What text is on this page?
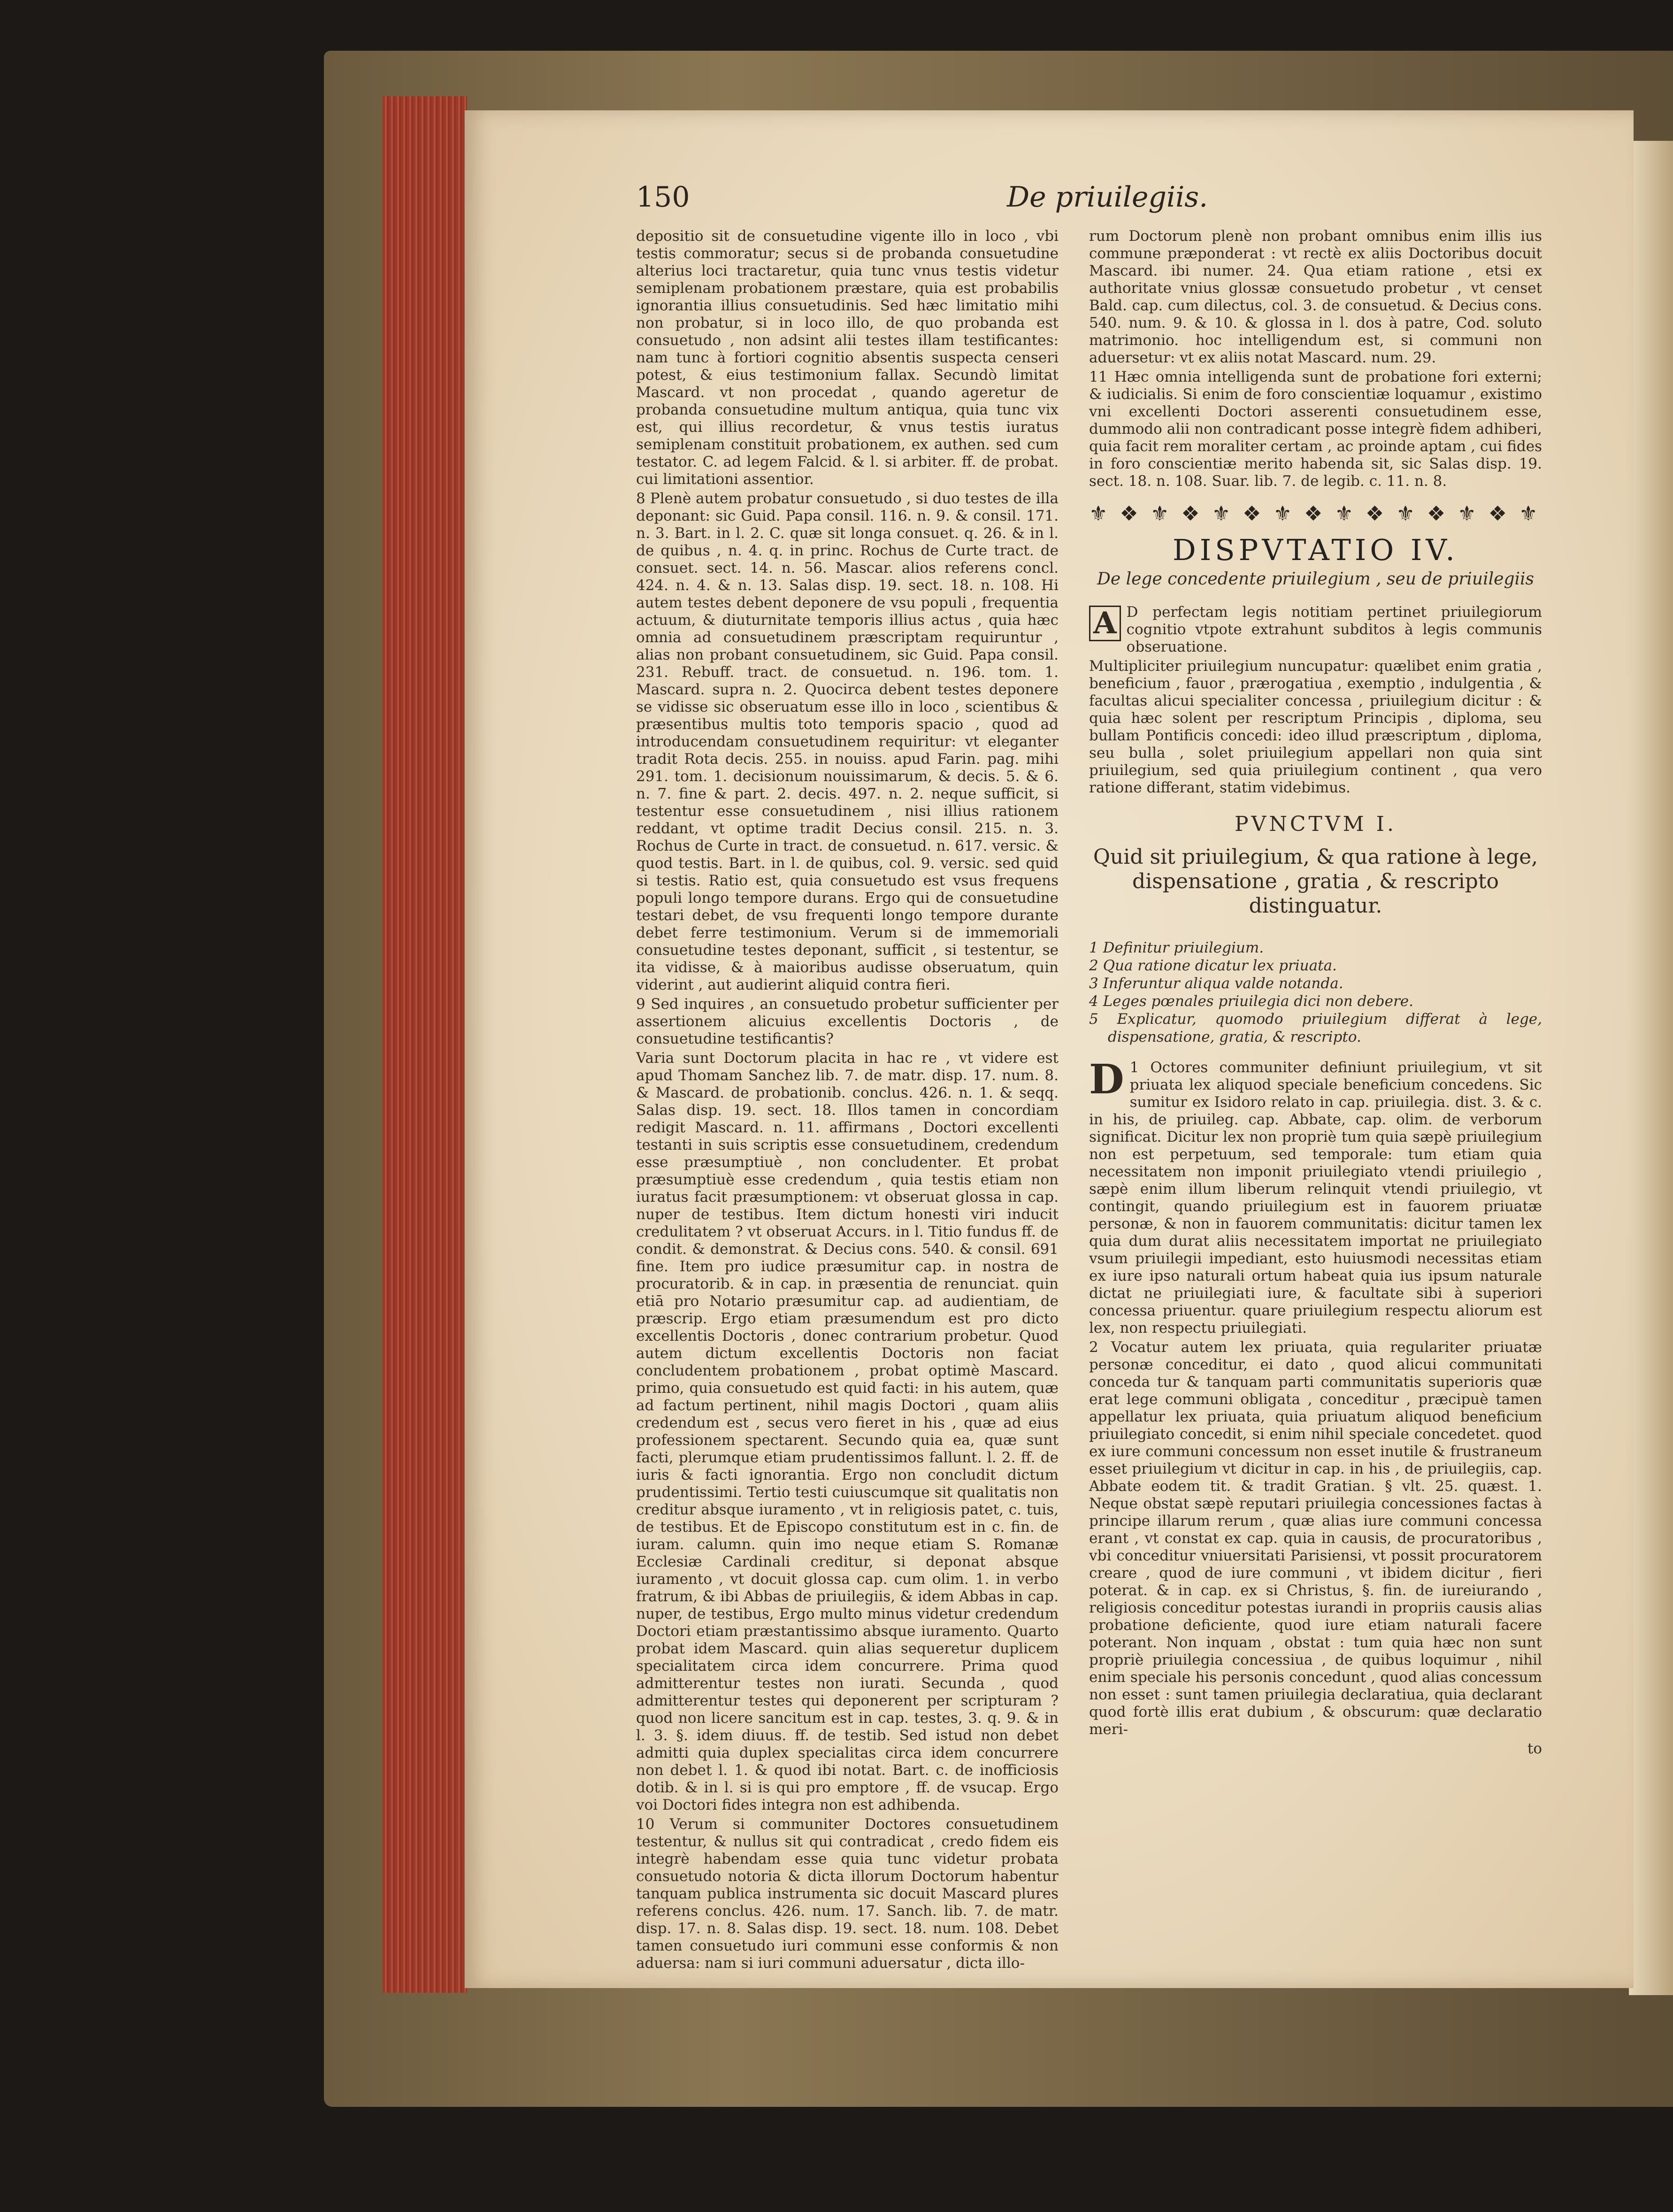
150	De priuilegiis.

depositio sit de consuetudine vigente illo in loco , vbi testis commoratur; secus si de probanda consuetudine alterius loci tractaretur, quia tunc vnus testis videtur semiplenam probationem præstare, quia est probabilis ignorantia illius consuetudinis. Sed hæc limitatio mihi non probatur, si in loco illo, de quo probanda est consuetudo , non adsint alii testes illam testificantes: nam tunc à fortiori cognitio absentis suspecta censeri potest, & eius testimonium fallax. Secundò limitat Mascard. vt non procedat , quando ageretur de probanda consuetudine multum antiqua, quia tunc vix est, qui illius recordetur, & vnus testis iuratus semiplenam constituit probationem, ex authen. sed cum testator. C. ad legem Falcid. & l. si arbiter. ff. de probat. cui limitationi assentior.

8 Plenè autem probatur consuetudo , si duo testes de illa deponant: sic Guid. Papa consil. 116. n. 9. & consil. 171. n. 3. Bart. in l. 2. C. quæ sit longa consuet. q. 26. & in l. de quibus , n. 4. q. in princ. Rochus de Curte tract. de consuet. sect. 14. n. 56. Mascar. alios referens concl. 424. n. 4. & n. 13. Salas disp. 19. sect. 18. n. 108. Hi autem testes debent deponere de vsu populi , frequentia actuum, & diuturnitate temporis illius actus , quia hæc omnia ad consuetudinem præscriptam requiruntur , alias non probant consuetudinem, sic Guid. Papa consil. 231. Rebuff. tract. de consuetud. n. 196. tom. 1. Mascard. supra n. 2. Quocirca debent testes deponere se vidisse sic obseruatum esse illo in loco , scientibus & præsentibus multis toto temporis spacio , quod ad introducendam consuetudinem requiritur: vt eleganter tradit Rota decis. 255. in nouiss. apud Farin. pag. mihi 291. tom. 1. decisionum nouissimarum, & decis. 5. & 6. n. 7. fine & part. 2. decis. 497. n. 2. neque sufficit, si testentur esse consuetudinem , nisi illius rationem reddant, vt optime tradit Decius consil. 215. n. 3. Rochus de Curte in tract. de consuetud. n. 617. versic. & quod testis. Bart. in l. de quibus, col. 9. versic. sed quid si testis. Ratio est, quia consuetudo est vsus frequens populi longo tempore durans. Ergo qui de consuetudine testari debet, de vsu frequenti longo tempore durante debet ferre testimonium. Verum si de immemoriali consuetudine testes deponant, sufficit , si testentur, se ita vidisse, & à maioribus audisse obseruatum, quin viderint , aut audierint aliquid contra fieri.

9 Sed inquires , an consuetudo probetur sufficienter per assertionem alicuius excellentis Doctoris , de consuetudine testificantis?

Varia sunt Doctorum placita in hac re , vt videre est apud Thomam Sanchez lib. 7. de matr. disp. 17. num. 8. & Mascard. de probationib. conclus. 426. n. 1. & seqq. Salas disp. 19. sect. 18. Illos tamen in concordiam redigit Mascard. n. 11. affirmans , Doctori excellenti testanti in suis scriptis esse consuetudinem, credendum esse præsumptiuè , non concludenter. Et probat præsumptiuè esse credendum , quia testis etiam non iuratus facit præsumptionem: vt obseruat glossa in cap. nuper de testibus. Item dictum honesti viri inducit credulitatem ? vt obseruat Accurs. in l. Titio fundus ff. de condit. & demonstrat. & Decius cons. 540. & consil. 691 fine. Item pro iudice præsumitur cap. in nostra de procuratorib. & in cap. in præsentia de renunciat. quin etiā pro Notario præsumitur cap. ad audientiam, de præscrip. Ergo etiam præsumendum est pro dicto excellentis Doctoris , donec contrarium probetur. Quod autem dictum excellentis Doctoris non faciat concludentem probationem , probat optimè Mascard. primo, quia consuetudo est quid facti: in his autem, quæ ad factum pertinent, nihil magis Doctori , quam aliis credendum est , secus vero fieret in his , quæ ad eius professionem spectarent. Secundo quia ea, quæ sunt facti, plerumque etiam prudentissimos fallunt. l. 2. ff. de iuris & facti ignorantia. Ergo non concludit dictum prudentissimi. Tertio testi cuiuscumque sit qualitatis non creditur absque iuramento , vt in religiosis patet, c. tuis, de testibus. Et de Episcopo constitutum est in c. fin. de iuram. calumn. quin imo neque etiam S. Romanæ Ecclesiæ Cardinali creditur, si deponat absque iuramento , vt docuit glossa cap. cum olim. 1. in verbo fratrum, & ibi Abbas de priuilegiis, & idem Abbas in cap. nuper, de testibus, Ergo multo minus videtur credendum Doctori etiam præstantissimo absque iuramento. Quarto probat idem Mascard. quin alias sequeretur duplicem specialitatem circa idem concurrere. Prima quod admitterentur testes non iurati. Secunda , quod admitterentur testes qui deponerent per scripturam ? quod non licere sancitum est in cap. testes, 3. q. 9. & in l. 3. §. idem diuus. ff. de testib. Sed istud non debet admitti quia duplex specialitas circa idem concurrere non debet l. 1. & quod ibi notat. Bart. c. de inofficiosis dotib. & in l. si is qui pro emptore , ff. de vsucap. Ergo voi Doctori fides integra non est adhibenda.

10 Verum si communiter Doctores consuetudinem testentur, & nullus sit qui contradicat , credo fidem eis integrè habendam esse quia tunc videtur probata consuetudo notoria & dicta illorum Doctorum habentur tanquam publica instrumenta sic docuit Mascard plures referens conclus. 426. num. 17. Sanch. lib. 7. de matr. disp. 17. n. 8. Salas disp. 19. sect. 18. num. 108. Debet tamen consuetudo iuri communi esse conformis & non aduersa: nam si iuri communi aduersatur , dicta illo-

rum Doctorum plenè non probant omnibus enim illis ius commune præponderat : vt rectè ex aliis Doctoribus docuit Mascard. ibi numer. 24. Qua etiam ratione , etsi ex authoritate vnius glossæ consuetudo probetur , vt censet Bald. cap. cum dilectus, col. 3. de consuetud. & Decius cons. 540. num. 9. & 10. & glossa in l. dos à patre, Cod. soluto matrimonio. hoc intelligendum est, si communi non aduersetur: vt ex aliis notat Mascard. num. 29.

11 Hæc omnia intelligenda sunt de probatione fori externi; & iudicialis. Si enim de foro conscientiæ loquamur , existimo vni excellenti Doctori asserenti consuetudinem esse, dummodo alii non contradicant posse integrè fidem adhiberi, quia facit rem moraliter certam , ac proinde aptam , cui fides in foro conscientiæ merito habenda sit, sic Salas disp. 19. sect. 18. n. 108. Suar. lib. 7. de legib. c. 11. n. 8.

⚜ ❖ ⚜ ❖ ⚜ ❖ ⚜ ❖ ⚜ ❖ ⚜ ❖ ⚜ ❖ ⚜
DISPVTATIO IV.
De lege concedente priuilegium , seu de priuilegiis

A D perfectam legis notitiam pertinet priuilegiorum cognitio vtpote extrahunt subditos à legis communis obseruatione.

Multipliciter priuilegium nuncupatur: quælibet enim gratia , beneficium , fauor , prærogatiua , exemptio , indulgentia , & facultas alicui specialiter concessa , priuilegium dicitur : & quia hæc solent per rescriptum Principis , diploma, seu bullam Pontificis concedi: ideo illud præscriptum , diploma, seu bulla , solet priuilegium appellari non quia sint priuilegium, sed quia priuilegium continent , qua vero ratione differant, statim videbimus.

PVNCTVM I.
Quid sit priuilegium, & qua ratione à lege, dispensatione , gratia , & rescripto distinguatur.
1 Definitur priuilegium.
2 Qua ratione dicatur lex priuata.
3 Inferuntur aliqua valde notanda.
4 Leges pœnales priuilegia dici non debere.
5 Explicatur, quomodo priuilegium differat à lege, dispensatione, gratia, & rescripto.

1
D Octores communiter definiunt priuilegium, vt sit priuata lex aliquod speciale beneficium concedens. Sic sumitur ex Isidoro relato in cap. priuilegia. dist. 3. & c. in his, de priuileg. cap. Abbate, cap. olim. de verborum significat. Dicitur lex non propriè tum quia sæpè priuilegium non est perpetuum, sed temporale: tum etiam quia necessitatem non imponit priuilegiato vtendi priuilegio , sæpè enim illum liberum relinquit vtendi priuilegio, vt contingit, quando priuilegium est in fauorem priuatæ personæ, & non in fauorem communitatis: dicitur tamen lex quia dum durat aliis necessitatem importat ne priuilegiato vsum priuilegii impediant, esto huiusmodi necessitas etiam ex iure ipso naturali ortum habeat quia ius ipsum naturale dictat ne priuilegiati iure, & facultate sibi à superiori concessa priuentur. quare priuilegium respectu aliorum est lex, non respectu priuilegiati.

2 Vocatur autem lex priuata, quia regulariter priuatæ personæ conceditur, ei dato , quod alicui communitati conceda tur & tanquam parti communitatis superioris quæ erat lege communi obligata , conceditur , præcipuè tamen appellatur lex priuata, quia priuatum aliquod beneficium priuilegiato concedit, si enim nihil speciale concedetet. quod ex iure communi concessum non esset inutile & frustraneum esset priuilegium vt dicitur in cap. in his , de priuilegiis, cap. Abbate eodem tit. & tradit Gratian. § vlt. 25. quæst. 1. Neque obstat sæpè reputari priuilegia concessiones factas à principe illarum rerum , quæ alias iure communi concessa erant , vt constat ex cap. quia in causis, de procuratoribus , vbi conceditur vniuersitati Parisiensi, vt possit procuratorem creare , quod de iure communi , vt ibidem dicitur , fieri poterat. & in cap. ex si Christus, §. fin. de iureiurando , religiosis conceditur potestas iurandi in propriis causis alias probatione deficiente, quod iure etiam naturali facere poterant. Non inquam , obstat : tum quia hæc non sunt propriè priuilegia concessiua , de quibus loquimur , nihil enim speciale his personis concedunt , quod alias concessum non esset : sunt tamen priuilegia declaratiua, quia declarant quod fortè illis erat dubium , & obscurum: quæ declaratio meri-

to
